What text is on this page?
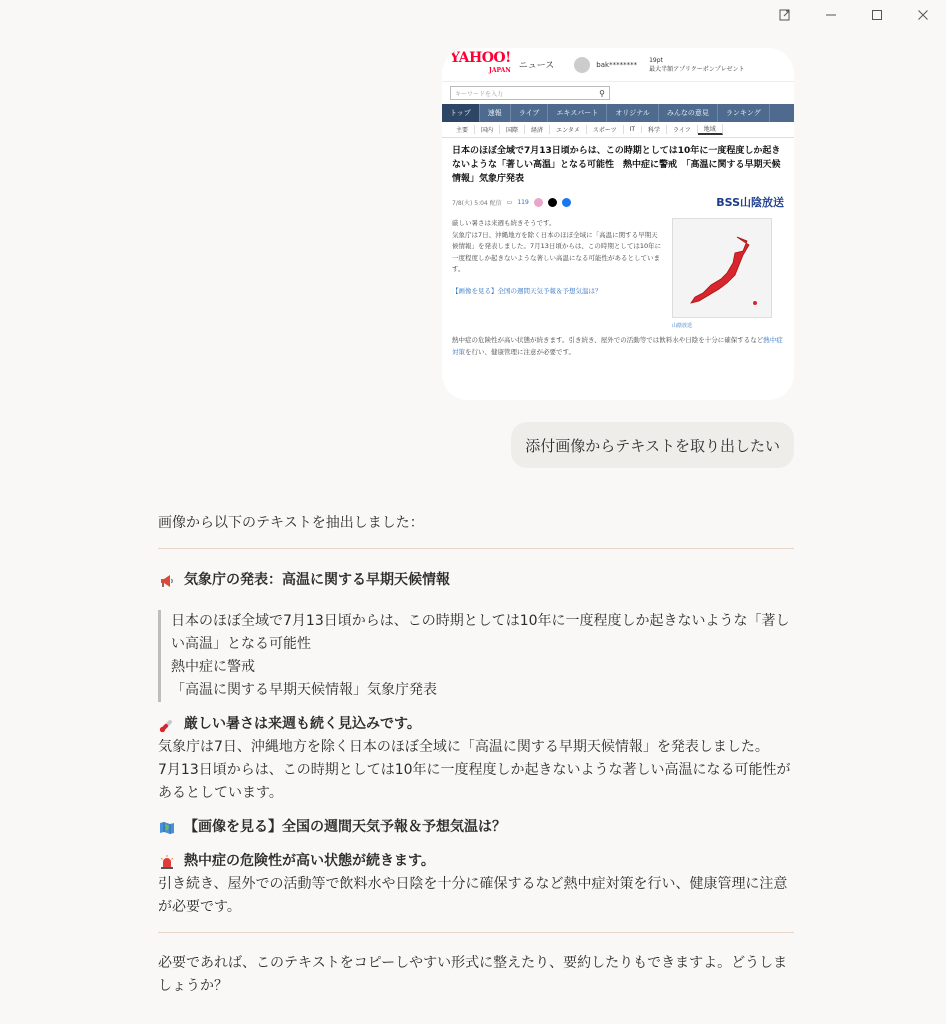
YAHOO!
JAPAN ニュース	bak********
19pt
最大半額アプリクーポンプレゼント
キーワードを入力	⚲
トップ	速報	ライブ	エキスパート	オリジナル	みんなの意見	ランキング
主要	国内	国際	経済	エンタメ	スポーツ	IT	科学	ライフ	地域
日本のほぼ全域で7月13日頃からは、この時期としては10年に一度程度しか起きないような「著しい高温」となる可能性　熱中症に警戒　「高温に関する早期天候情報」気象庁発表
7/8(火) 5:04 配信 ▭ 119	BSS山陰放送
厳しい暑さは来週も続きそうです。
気象庁は7日、沖縄地方を除く日本のほぼ全域に「高温に関する早期天候情報」を発表しました。7月13日頃からは、この時期としては10年に一度程度しか起きないような著しい高温になる可能性があるとしています。
【画像を見る】全国の週間天気予報＆予想気温は？
山陰放送
熱中症の危険性が高い状態が続きます。引き続き、屋外での活動等では飲料水や日陰を十分に確保するなど熱中症対策を行い、健康管理に注意が必要です。
添付画像からテキストを取り出したい

画像から以下のテキストを抽出しました：

気象庁の発表：高温に関する早期天候情報
日本のほぼ全域で7月13日頃からは、この時期としては10年に一度程度しか起きないような「著しい高温」となる可能性
熱中症に警戒
「高温に関する早期天候情報」気象庁発表
厳しい暑さは来週も続く見込みです。
気象庁は7日、沖縄地方を除く日本のほぼ全域に「高温に関する早期天候情報」を発表しました。
7月13日頃からは、この時期としては10年に一度程度しか起きないような著しい高温になる可能性があるとしています。
【画像を見る】全国の週間天気予報＆予想気温は？
熱中症の危険性が高い状態が続きます。
引き続き、屋外での活動等で飲料水や日陰を十分に確保するなど熱中症対策を行い、健康管理に注意が必要です。

必要であれば、このテキストをコピーしやすい形式に整えたり、要約したりもできますよ。どうしましょうか？
